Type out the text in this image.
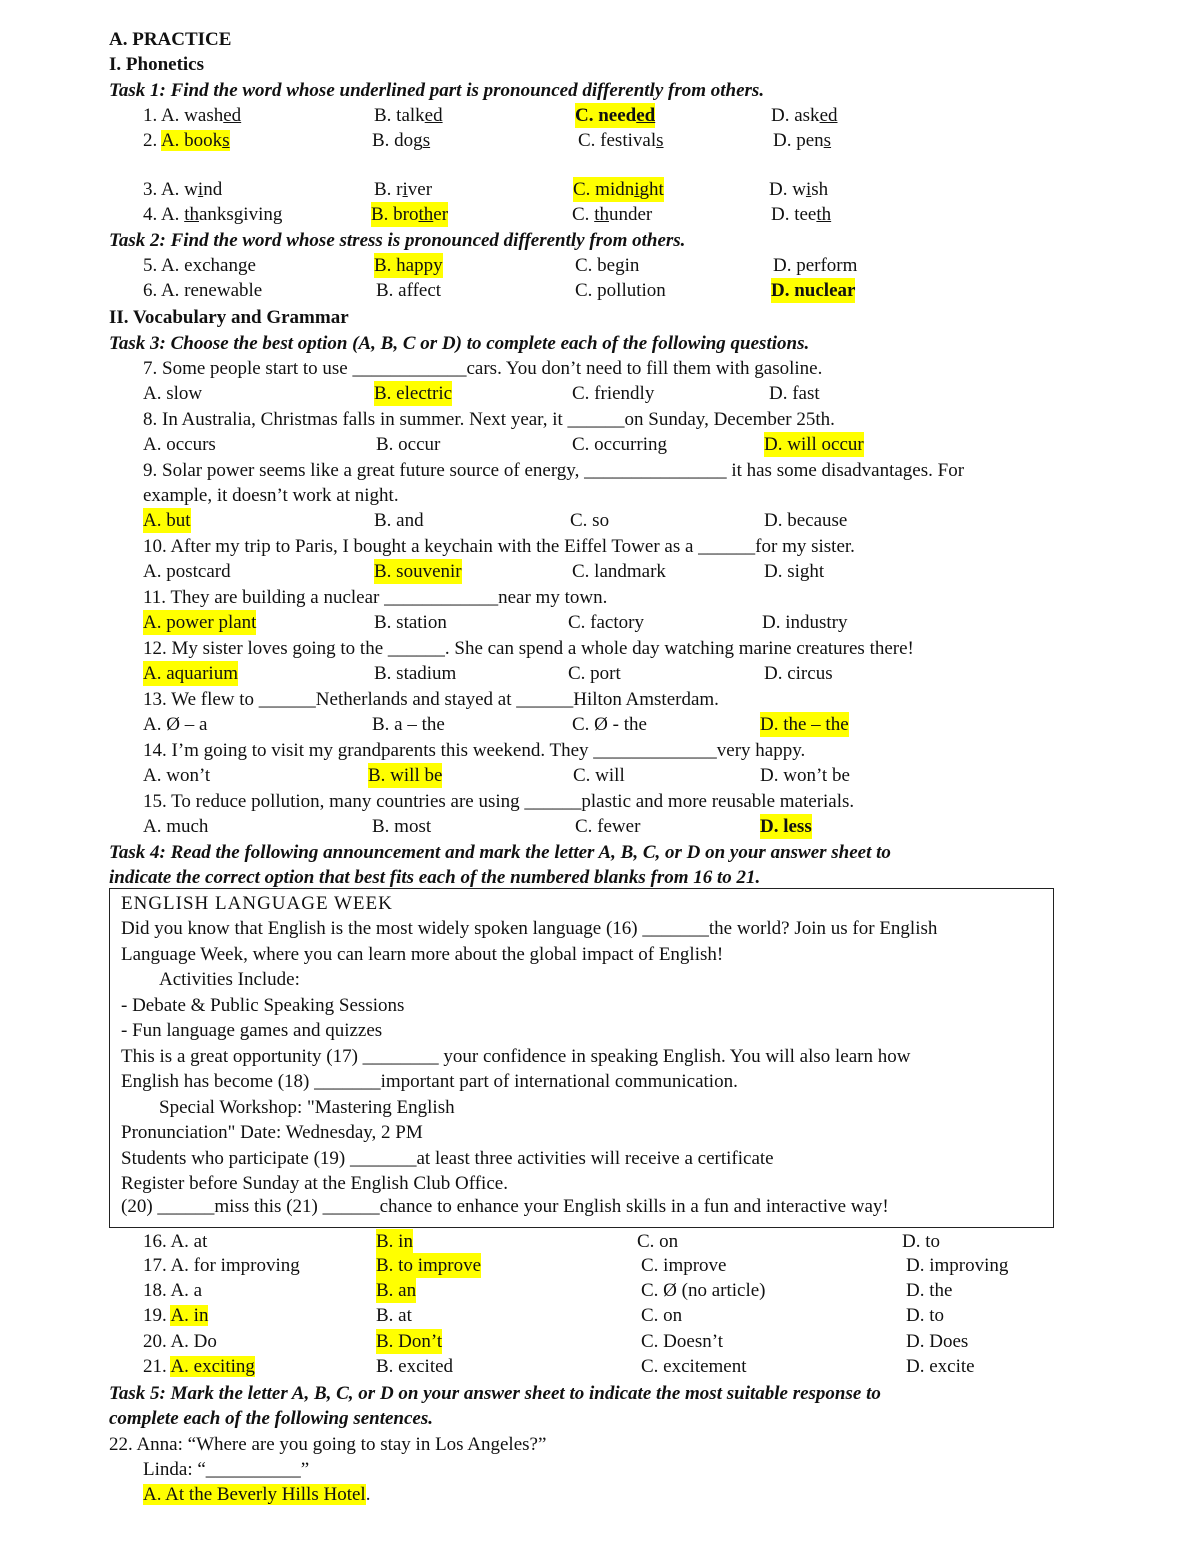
A. PRACTICE
I. Phonetics
Task 1: Find the word whose underlined part is pronounced differently from others.
1. A. washed	B. talked	C. needed	D. asked
2. A. books	B. dogs	C. festivals	D. pens
3. A. wind	B. river	C. midnight	D. wish
4. A. thanksgiving	B. brother	C. thunder	D. teeth
Task 2: Find the word whose stress is pronounced differently from others.
5. A. exchange	B. happy	C. begin	D. perform
6. A. renewable	B. affect	C. pollution	D. nuclear
II. Vocabulary and Grammar
Task 3: Choose the best option (A, B, C or D) to complete each of the following questions.
7. Some people start to use ____________cars. You don’t need to fill them with gasoline.
A. slow	B. electric	C. friendly	D. fast
8. In Australia, Christmas falls in summer. Next year, it ______on Sunday, December 25th.
A. occurs	B. occur	C. occurring	D. will occur
9. Solar power seems like a great future source of energy, _______________ it has some disadvantages. For
example, it doesn’t work at night.
A. but	B. and	C. so	D. because
10. After my trip to Paris, I bought a keychain with the Eiffel Tower as a ______for my sister.
A. postcard	B. souvenir	C. landmark	D. sight
11. They are building a nuclear ____________near my town.
A. power plant	B. station	C. factory	D. industry
12. My sister loves going to the ______. She can spend a whole day watching marine creatures there!
A. aquarium	B. stadium	C. port	D. circus
13. We flew to ______Netherlands and stayed at ______Hilton Amsterdam.
A. Ø – a	B. a – the	C. Ø - the	D. the – the
14. I’m going to visit my grandparents this weekend. They _____________very happy.
A. won’t	B. will be	C. will	D. won’t be
15. To reduce pollution, many countries are using ______plastic and more reusable materials.
A. much	B. most	C. fewer	D. less
Task 4: Read the following announcement and mark the letter A, B, C, or D on your answer sheet to
indicate the correct option that best fits each of the numbered blanks from 16 to 21.
ENGLISH LANGUAGE WEEK
Did you know that English is the most widely spoken language (16) _______the world? Join us for English
Language Week, where you can learn more about the global impact of English!
Activities Include:
- Debate & Public Speaking Sessions
- Fun language games and quizzes
This is a great opportunity (17) ________ your confidence in speaking English. You will also learn how
English has become (18) _______important part of international communication.
Special Workshop: "Mastering English
Pronunciation" Date: Wednesday, 2 PM
Students who participate (19) _______at least three activities will receive a certificate
Register before Sunday at the English Club Office.
(20) ______miss this (21) ______chance to enhance your English skills in a fun and interactive way!
16. A. at	B. in	C. on	D. to
17. A. for improving	B. to improve	C. improve	D. improving
18. A. a	B. an	C. Ø (no article)	D. the
19. A. in	B. at	C. on	D. to
20. A. Do	B. Don’t	C. Doesn’t	D. Does
21. A. exciting	B. excited	C. excitement	D. excite
Task 5: Mark the letter A, B, C, or D on your answer sheet to indicate the most suitable response to
complete each of the following sentences.
22. Anna: “Where are you going to stay in Los Angeles?”
Linda: “__________”
A. At the Beverly Hills Hotel.
